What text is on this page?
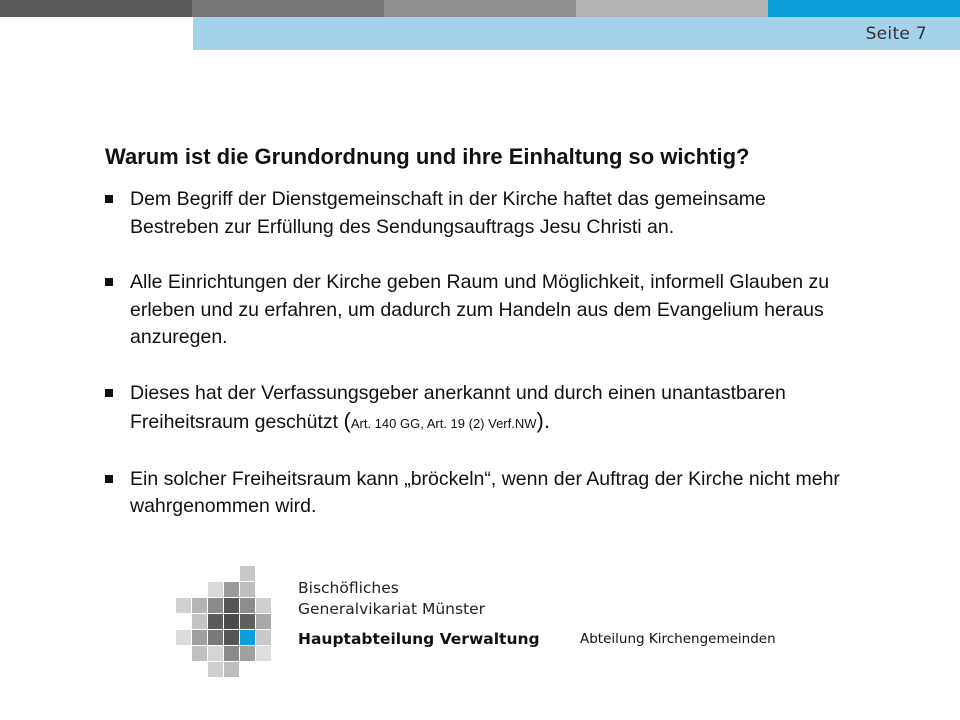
Seite 7
Warum ist die Grundordnung und ihre Einhaltung so wichtig?
Dem Begriff der Dienstgemeinschaft in der Kirche haftet das gemeinsame Bestreben zur Erfüllung des Sendungsauftrags Jesu Christi an.
Alle Einrichtungen der Kirche geben Raum und Möglichkeit, informell Glauben zu erleben und zu erfahren, um dadurch zum Handeln aus dem Evangelium heraus anzuregen.
Dieses hat der Verfassungsgeber anerkannt und durch einen unantastbaren Freiheitsraum geschützt (Art. 140 GG, Art. 19 (2) Verf.NW).
Ein solcher Freiheitsraum kann „bröckeln“, wenn der Auftrag der Kirche nicht mehr wahrgenommen wird.
Bischöfliches
Generalvikariat Münster
Hauptabteilung Verwaltung	Abteilung Kirchengemeinden
